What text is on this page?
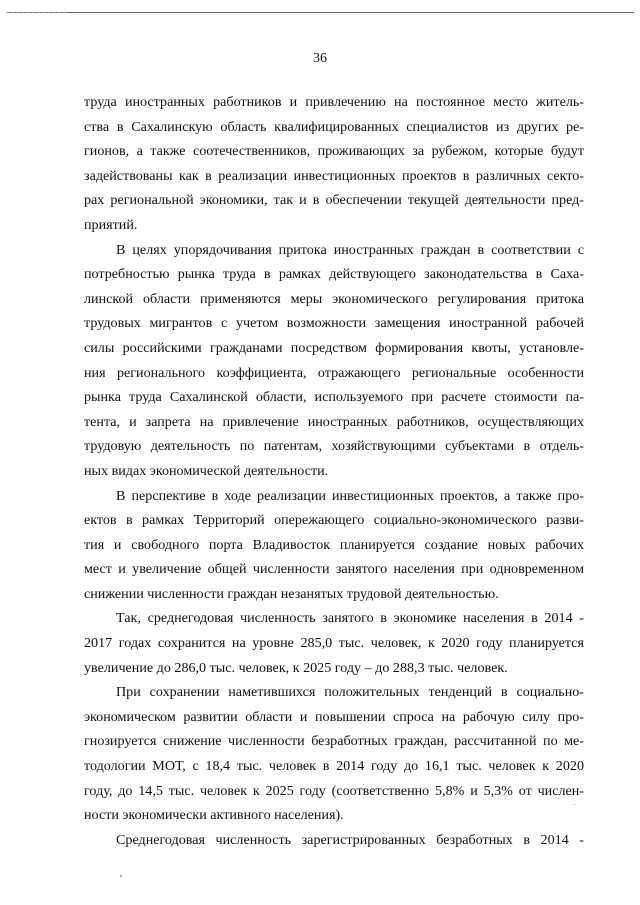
36
труда иностранных работников и привлечению на постоянное место житель-
ства в Сахалинскую область квалифицированных специалистов из других ре-
гионов, а также соотечественников, проживающих за рубежом, которые будут
задействованы как в реализации инвестиционных проектов в различных секто-
рах региональной экономики, так и в обеспечении текущей деятельности пред-
приятий.
В целях упорядочивания притока иностранных граждан в соответствии с
потребностью рынка труда в рамках действующего законодательства в Саха-
линской области применяются меры экономического регулирования притока
трудовых мигрантов с учетом возможности замещения иностранной рабочей
силы российскими гражданами посредством формирования квоты, установле-
ния регионального коэффициента, отражающего региональные особенности
рынка труда Сахалинской области, используемого при расчете стоимости па-
тента, и запрета на привлечение иностранных работников, осуществляющих
трудовую деятельность по патентам, хозяйствующими субъектами в отдель-
ных видах экономической деятельности.
В перспективе в ходе реализации инвестиционных проектов, а также про-
ектов в рамках Территорий опережающего социально-экономического разви-
тия и свободного порта Владивосток планируется создание новых рабочих
мест и увеличение общей численности занятого населения при одновременном
снижении численности граждан незанятых трудовой деятельностью.
Так, среднегодовая численность занятого в экономике населения в 2014 -
2017 годах сохранится на уровне 285,0 тыс. человек, к 2020 году планируется
увеличение до 286,0 тыс. человек, к 2025 году – до 288,3 тыс. человек.
При сохранении наметившихся положительных тенденций в социально-
экономическом развитии области и повышении спроса на рабочую силу про-
гнозируется снижение численности безработных граждан, рассчитанной по ме-
тодологии МОТ, с 18,4 тыс. человек в 2014 году до 16,1 тыс. человек к 2020
году, до 14,5 тыс. человек к 2025 году (соответственно 5,8% и 5,3% от числен-
ности экономически активного населения).
Среднегодовая численность зарегистрированных безработных в 2014 -
